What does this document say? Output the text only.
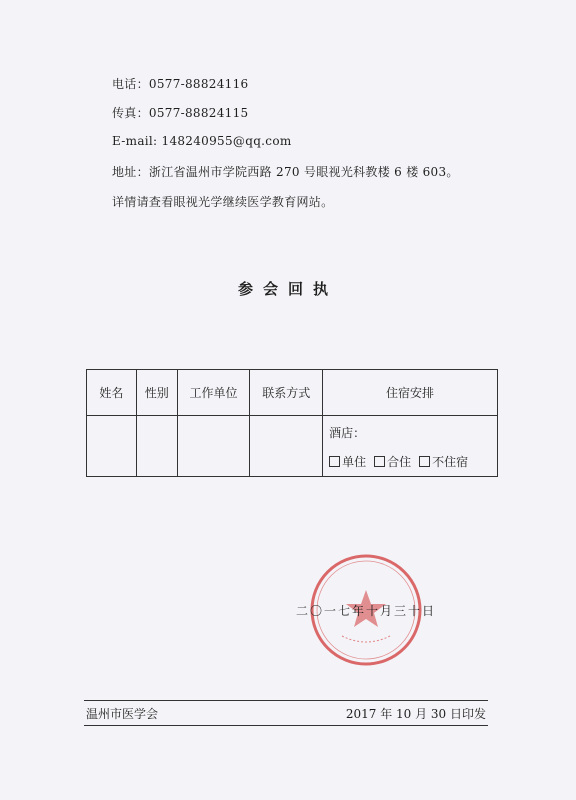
电话：0577-88824116
传真：0577-88824115
E-mail: 148240955@qq.com
地址：浙江省温州市学院西路 270 号眼视光科教楼 6 楼 603。
详情请查看眼视光学继续医学教育网站。
参会回执
姓名	性别	工作单位	联系方式	住宿安排

				酒店：
单住 合住 不住宿
二〇一七年十月三十日
温州市医学会	2017 年 10 月 30 日印发
